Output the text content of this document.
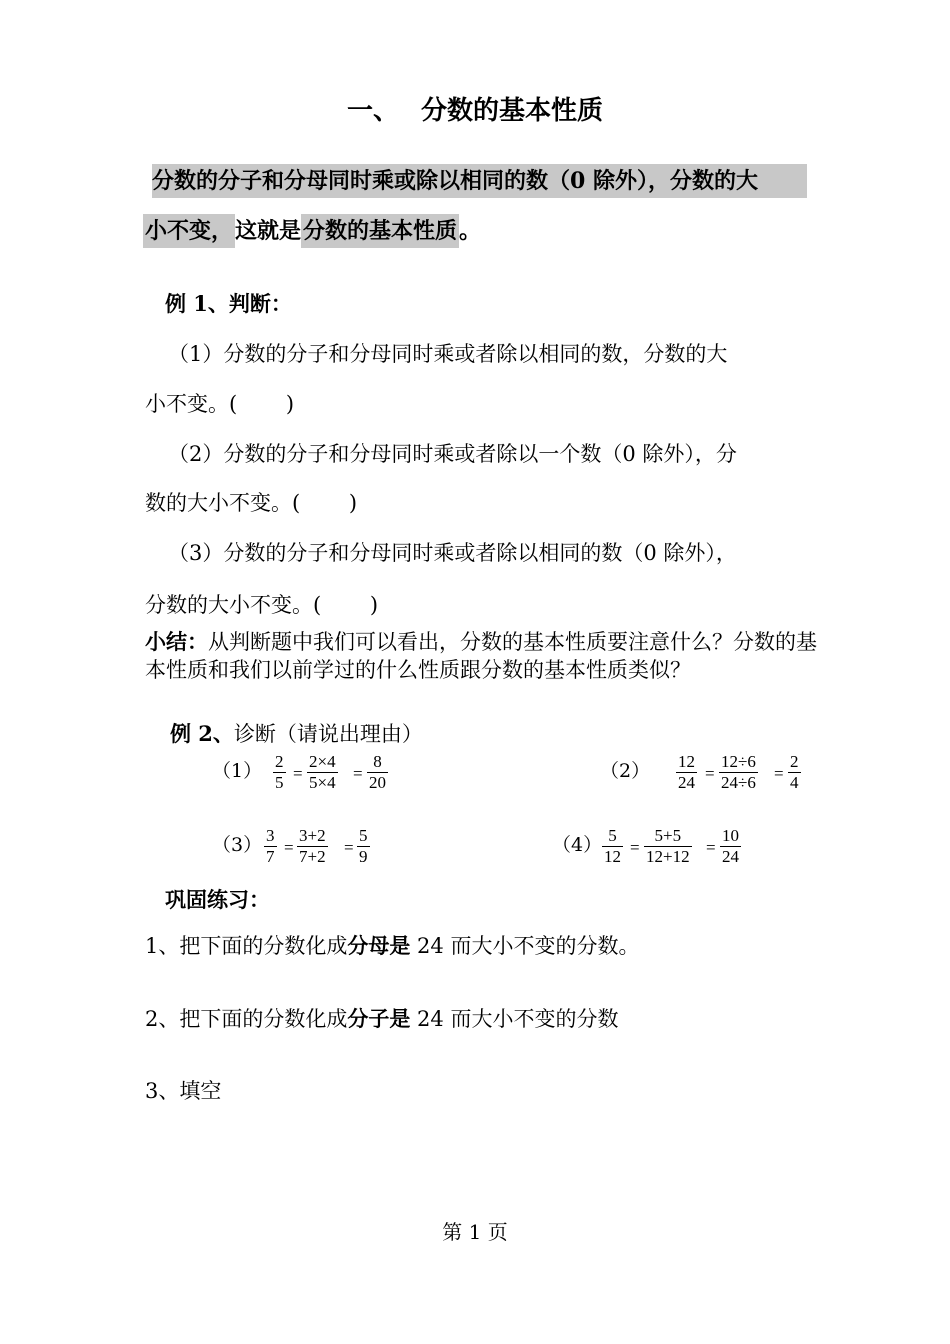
一、 分数的基本性质
分数的分子和分母同时乘或除以相同的数（0 除外），分数的大
小不变，这就是分数的基本性质。
例 1、判断：
（1）分数的分子和分母同时乘或者除以相同的数，分数的大
小不变。(　　 )
（2）分数的分子和分母同时乘或者除以一个数（0 除外），分
数的大小不变。(　　 )
（3）分数的分子和分母同时乘或者除以相同的数（0 除外），
分数的大小不变。(　　 )
小结：从判断题中我们可以看出，分数的基本性质要注意什么？分数的基本性质和我们以前学过的什么性质跟分数的基本性质类似？
例 2、诊断（请说出理由）
（1） 2
5 =
2×4
5×4 =
8
20
（2） 12
24 =
12÷6
24÷6 =
2
4
（3） 3
7 =
3+2
7+2 =
5
9
（4） 5
12 =
5+5
12+12 =
10
24
巩固练习：
1、把下面的分数化成分母是 24 而大小不变的分数。
2、把下面的分数化成分子是 24 而大小不变的分数
3、填空
第 1 页
